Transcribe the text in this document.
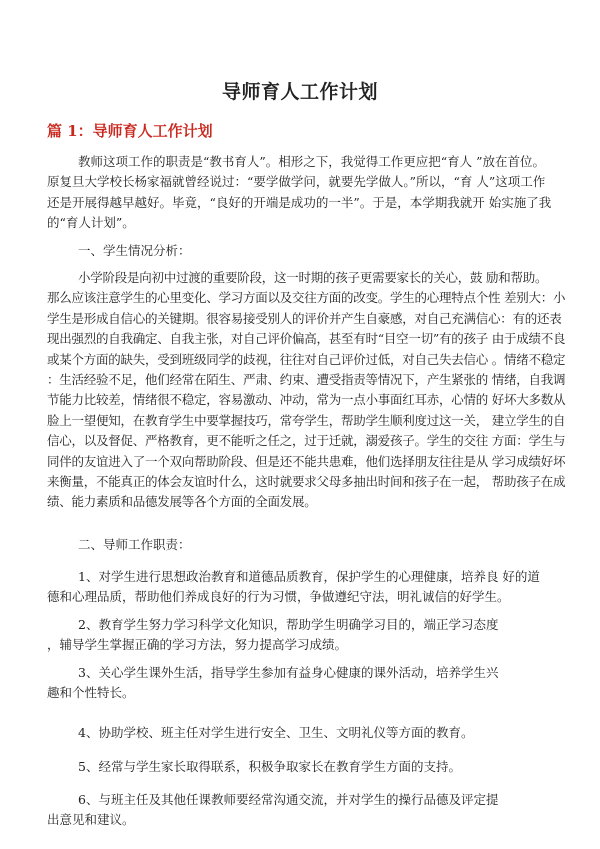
导师育人工作计划
篇 1：导师育人工作计划
教师这项工作的职责是“教书育人”。相形之下，我觉得工作更应把“育人 ”放在首位。
原复旦大学校长杨家福就曾经说过：“要学做学问，就要先学做人。”所以，“育 人”这项工作
还是开展得越早越好。毕竟，“良好的开端是成功的一半”。于是，本学期我就开 始实施了我
的“育人计划”。
一、学生情况分析：
小学阶段是向初中过渡的重要阶段，这一时期的孩子更需要家长的关心，鼓 励和帮助。
那么应该注意学生的心里变化、学习方面以及交往方面的改变。学生的心理特点个性 差别大：小
学生是形成自信心的关键期。很容易接受别人的评价并产生自豪感，对自己充满信心：有的还表
现出强烈的自我确定、自我主张，对自己评价偏高，甚至有时“目空一切”有的孩子 由于成绩不良
或某个方面的缺失，受到班级同学的歧视，往往对自己评价过低，对自己失去信心 。情绪不稳定
：生活经验不足，他们经常在陌生、严肃、约束、遭受指责等情况下，产生紧张的 情绪，自我调
节能力比较差，情绪很不稳定，容易激动、冲动，常为一点小事面红耳赤，心情的 好坏大多数从
脸上一望便知，在教育学生中要掌握技巧，常夸学生，帮助学生顺利度过这一关， 建立学生的自
信心，以及督促、严格教育，更不能听之任之，过于迁就，溺爱孩子。学生的交往 方面：学生与
同伴的友谊进入了一个双向帮助阶段、但是还不能共患难，他们选择朋友往往是从 学习成绩好坏
来衡量，不能真正的体会友谊时什么，这时就要求父母多抽出时间和孩子在一起， 帮助孩子在成
绩、能力素质和品德发展等各个方面的全面发展。
二、导师工作职责：
1、对学生进行思想政治教育和道德品质教育，保护学生的心理健康，培养良 好的道
德和心理品质，帮助他们养成良好的行为习惯，争做遵纪守法，明礼诚信的好学生。
2、教育学生努力学习科学文化知识，帮助学生明确学习目的，端正学习态度
，辅导学生掌握正确的学习方法，努力提高学习成绩。
3、关心学生课外生活，指导学生参加有益身心健康的课外活动，培养学生兴
趣和个性特长。
4、协助学校、班主任对学生进行安全、卫生、文明礼仪等方面的教育。
5、经常与学生家长取得联系，积极争取家长在教育学生方面的支持。
6、与班主任及其他任课教师要经常沟通交流，并对学生的操行品德及评定提
出意见和建议。
